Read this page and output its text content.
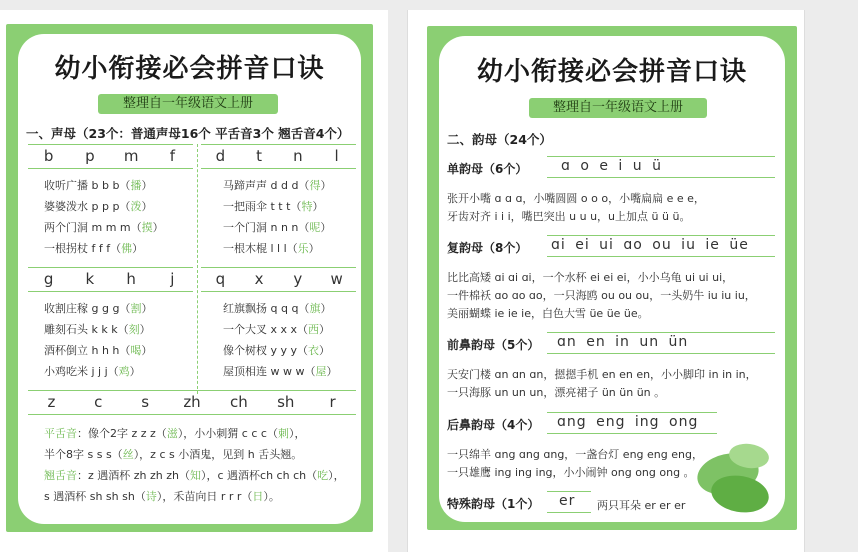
幼小衔接必会拼音口诀
整理自一年级语文上册
一、声母（23个：普通声母16个 平舌音3个 翘舌音4个）
b	p	m	f	d	t	n	l
收听广播 b b b（播）
婆婆泼水 p p p（泼）
两个门洞 m m m（摸）
一根拐杖 f f f（佛）
马蹄声声 d d d（得）
一把雨伞 t t t（特）
一个门洞 n n n（呢）
一根木棍 l l l（乐）
g	k	h	j	q	x	y	w
收割庄稼 g g g（割）
雕刻石头 k k k（刻）
酒杯倒立 h h h（喝）
小鸡吃米 j j j（鸡）
红旗飘扬 q q q（旗）
一个大叉 x x x（西）
像个树杈 y y y（衣）
屋顶相连 w w w（屋）
z	c	s	zh	ch	sh	r
平舌音：像个2字 z z z（滋），小小刺猬 c c c（刺），
半个8字 s s s（丝），z c s 小酒鬼，见到 h 舌头翘。
翘舌音：z 遇酒杯 zh zh zh（知），c 遇酒杯ch ch ch（吃），
s 遇酒杯 sh sh sh（诗），禾苗向日 r r r（日）。
幼小衔接必会拼音口诀
整理自一年级语文上册
二、韵母（24个）
单韵母（6个） ɑ o e i u ü
张开小嘴 ɑ ɑ ɑ，小嘴圆圆 o o o，小嘴扁扁 e e e，
牙齿对齐 i i i，嘴巴突出 u u u，u上加点 ü ü ü。
复韵母（8个） ɑi ei ui ɑo ou iu ie üe
比比高矮 ɑi ɑi ɑi，一个水杯 ei ei ei，小小乌龟 ui ui ui，
一件棉袄 ɑo ɑo ɑo，一只海鸥 ou ou ou，一头奶牛 iu iu iu，
美丽蝴蝶 ie ie ie，白色大雪 üe üe üe。
前鼻韵母（5个） ɑn en in un ün
天安门楼 ɑn ɑn ɑn，摁摁手机 en en en，小小脚印 in in in，
一只海豚 un un un，漂亮裙子 ün ün ün 。
后鼻韵母（4个） ɑng eng ing ong
一只绵羊 ɑng ɑng ɑng，一盏台灯 eng eng eng，
一只雄鹰 ing ing ing，小小闹钟 ong ong ong 。
特殊韵母（1个） er 两只耳朵 er er er
